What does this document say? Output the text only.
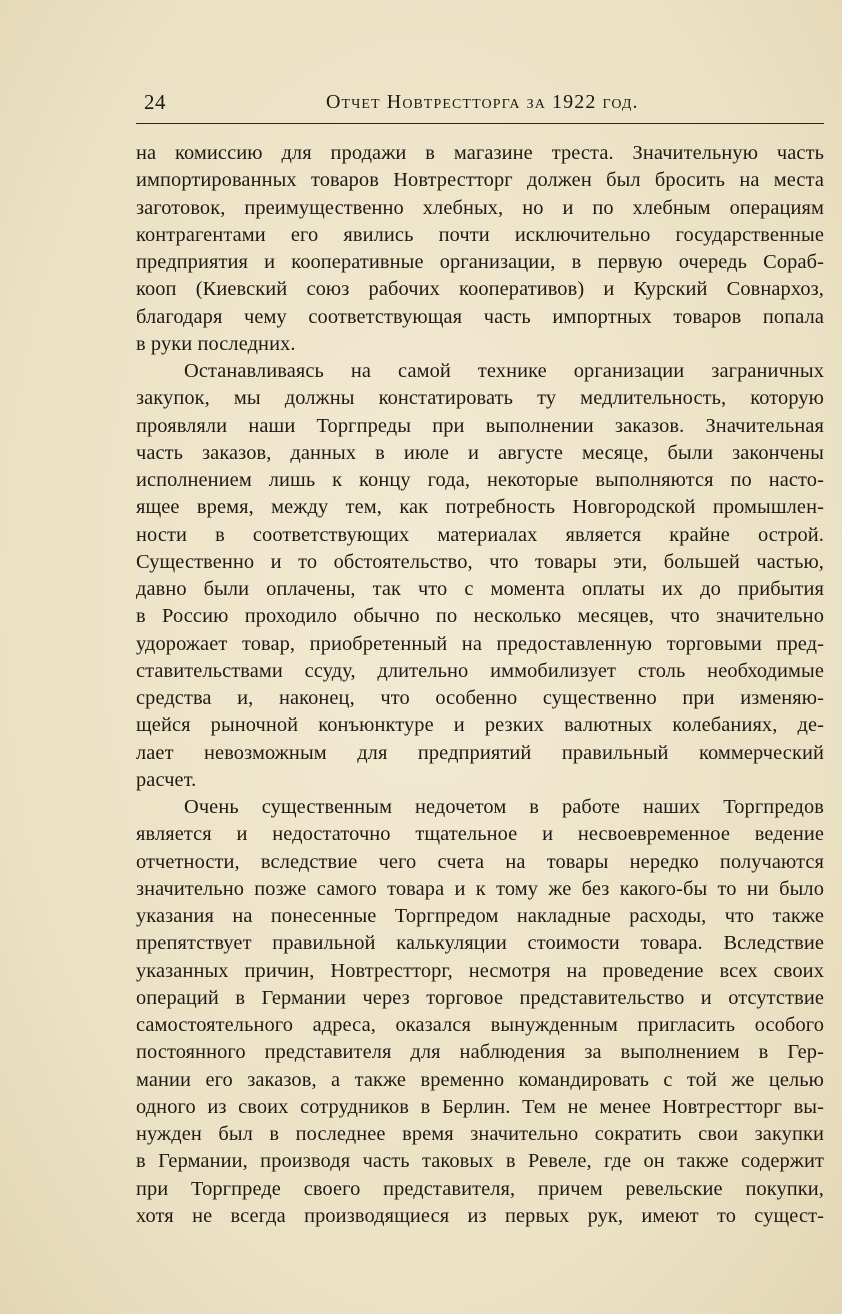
24	Отчет Новтрестторга за 1922 год.
на комиссию для продажи в магазине треста. Значительную часть
импортированных товаров Новтрестторг должен был бросить на места
заготовок, преимущественно хлебных, но и по хлебным операциям
контрагентами его явились почти исключительно государственные
предприятия и кооперативные организации, в первую очередь Сораб-
кооп (Киевский союз рабочих кооперативов) и Курский Совнархоз,
благодаря чему соответствующая часть импортных товаров попала
в руки последних.
Останавливаясь на самой технике организации заграничных
закупок, мы должны констатировать ту медлительность, которую
проявляли наши Торгпреды при выполнении заказов. Значительная
часть заказов, данных в июле и августе месяце, были закончены
исполнением лишь к концу года, некоторые выполняются по насто-
ящее время, между тем, как потребность Новгородской промышлен-
ности в соответствующих материалах является крайне острой.
Существенно и то обстоятельство, что товары эти, большей частью,
давно были оплачены, так что с момента оплаты их до прибытия
в Россию проходило обычно по несколько месяцев, что значительно
удорожает товар, приобретенный на предоставленную торговыми пред-
ставительствами ссуду, длительно иммобилизует столь необходимые
средства и, наконец, что особенно существенно при изменяю-
щейся рыночной конъюнктуре и резких валютных колебаниях, де-
лает невозможным для предприятий правильный коммерческий
расчет.
Очень существенным недочетом в работе наших Торгпредов
является и недостаточно тщательное и несвоевременное ведение
отчетности, вследствие чего счета на товары нередко получаются
значительно позже самого товара и к тому же без какого-бы то ни было
указания на понесенные Торгпредом накладные расходы, что также
препятствует правильной калькуляции стоимости товара. Вследствие
указанных причин, Новтрестторг, несмотря на проведение всех своих
операций в Германии через торговое представительство и отсутствие
самостоятельного адреса, оказался вынужденным пригласить особого
постоянного представителя для наблюдения за выполнением в Гер-
мании его заказов, а также временно командировать с той же целью
одного из своих сотрудников в Берлин. Тем не менее Новтрестторг вы-
нужден был в последнее время значительно сократить свои закупки
в Германии, производя часть таковых в Ревеле, где он также содержит
при Торгпреде своего представителя, причем ревельские покупки,
хотя не всегда производящиеся из первых рук, имеют то сущест-
